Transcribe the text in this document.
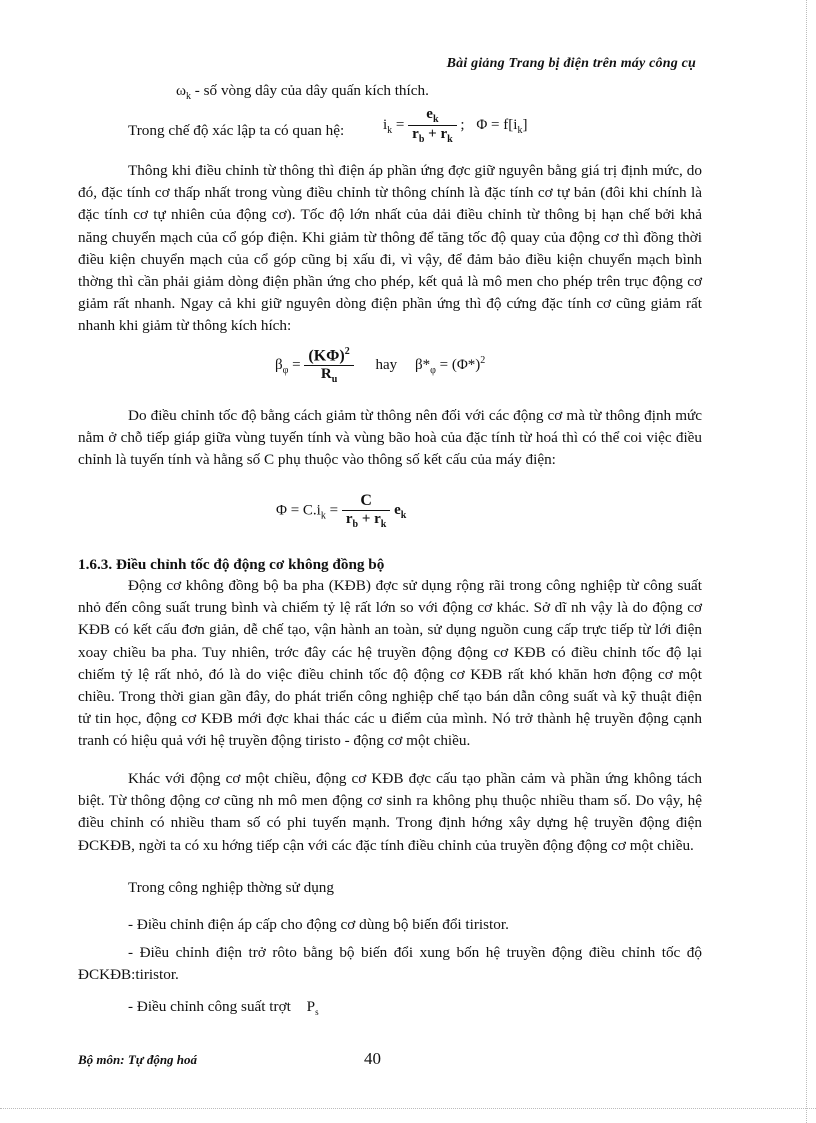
Bài giảng Trang bị điện trên máy công cụ
$\omega_k$ - số vòng dây của dây quấn kích thích.
Trong chế độ xác lập ta có quan hệ:	$i_k = \frac{e_k}{r_b + r_k}$ ; $\Phi = f[i_k]$
Thông khi điều chỉnh từ thông thì điện áp phần ứng đợc giữ nguyên bằng giá trị định mức, do đó, đặc tính cơ thấp nhất trong vùng điều chỉnh từ thông chính là đặc tính cơ tự bản (đôi khi chính là đặc tính cơ tự nhiên của động cơ). Tốc độ lớn nhất của dải điều chỉnh từ thông bị hạn chế bởi khả năng chuyển mạch của cổ góp điện. Khi giảm từ thông để tăng tốc độ quay của động cơ thì đồng thời điều kiện chuyển mạch của cổ góp cũng bị xấu đi, vì vậy, để đảm bảo điều kiện chuyển mạch bình thờng thì cần phải giảm dòng điện phần ứng cho phép, kết quả là mô men cho phép trên trục động cơ giảm rất nhanh. Ngay cả khi giữ nguyên dòng điện phần ứng thì độ cứng đặc tính cơ cũng giảm rất nhanh khi giảm từ thông kích hích:
$\beta_\varphi = \frac{(K\Phi)^2}{R_u}$ hay $\beta*_\varphi = (\Phi*)^2$
Do điều chỉnh tốc độ bằng cách giảm từ thông nên đối với các động cơ mà từ thông định mức nằm ở chỗ tiếp giáp giữa vùng tuyến tính và vùng bão hoà của đặc tính từ hoá thì có thể coi việc điều chỉnh là tuyến tính và hằng số C phụ thuộc vào thông số kết cấu của máy điện:
$\Phi = C.i_k = \frac{C}{r_b + r_k} e_k$
1.6.3. Điều chỉnh tốc độ động cơ không đồng bộ
Động cơ không đồng bộ ba pha (KĐB) đợc sử dụng rộng rãi trong công nghiệp từ công suất nhỏ đến công suất trung bình và chiếm tỷ lệ rất lớn so với động cơ khác. Sở dĩ nh vậy là do động cơ KĐB có kết cấu đơn giản, dễ chế tạo, vận hành an toàn, sử dụng nguồn cung cấp trực tiếp từ lới điện xoay chiều ba pha. Tuy nhiên, trớc đây các hệ truyền động động cơ KĐB có điều chỉnh tốc độ lại chiếm tỷ lệ rất nhỏ, đó là do việc điều chỉnh tốc độ động cơ KĐB rất khó khăn hơn động cơ một chiều. Trong thời gian gần đây, do phát triển công nghiệp chế tạo bán dẫn công suất và kỹ thuật điện tử tin học, động cơ KĐB mới đợc khai thác các u điểm của mình. Nó trở thành hệ truyền động cạnh tranh có hiệu quả với hệ truyền động tiristo - động cơ một chiều.
Khác với động cơ một chiều, động cơ KĐB đợc cấu tạo phần cảm và phần ứng không tách biệt. Từ thông động cơ cũng nh mô men động cơ sinh ra không phụ thuộc nhiều tham số. Do vậy, hệ điều chỉnh có nhiều tham số có phi tuyến mạnh. Trong định hớng xây dựng hệ truyền động điện ĐCKĐB, ngời ta có xu hớng tiếp cận với các đặc tính điều chỉnh của truyền động động cơ một chiều.
Trong công nghiệp thờng sử dụng
- Điều chỉnh điện áp cấp cho động cơ dùng bộ biến đổi tiristor.
- Điều chỉnh điện trở rôto bằng bộ biến đổi xung bốn hệ truyền động điều chỉnh tốc độ ĐCKĐB:tiristor.
- Điều chỉnh công suất trợt $P_s$
Bộ môn: Tự động hoá	40
